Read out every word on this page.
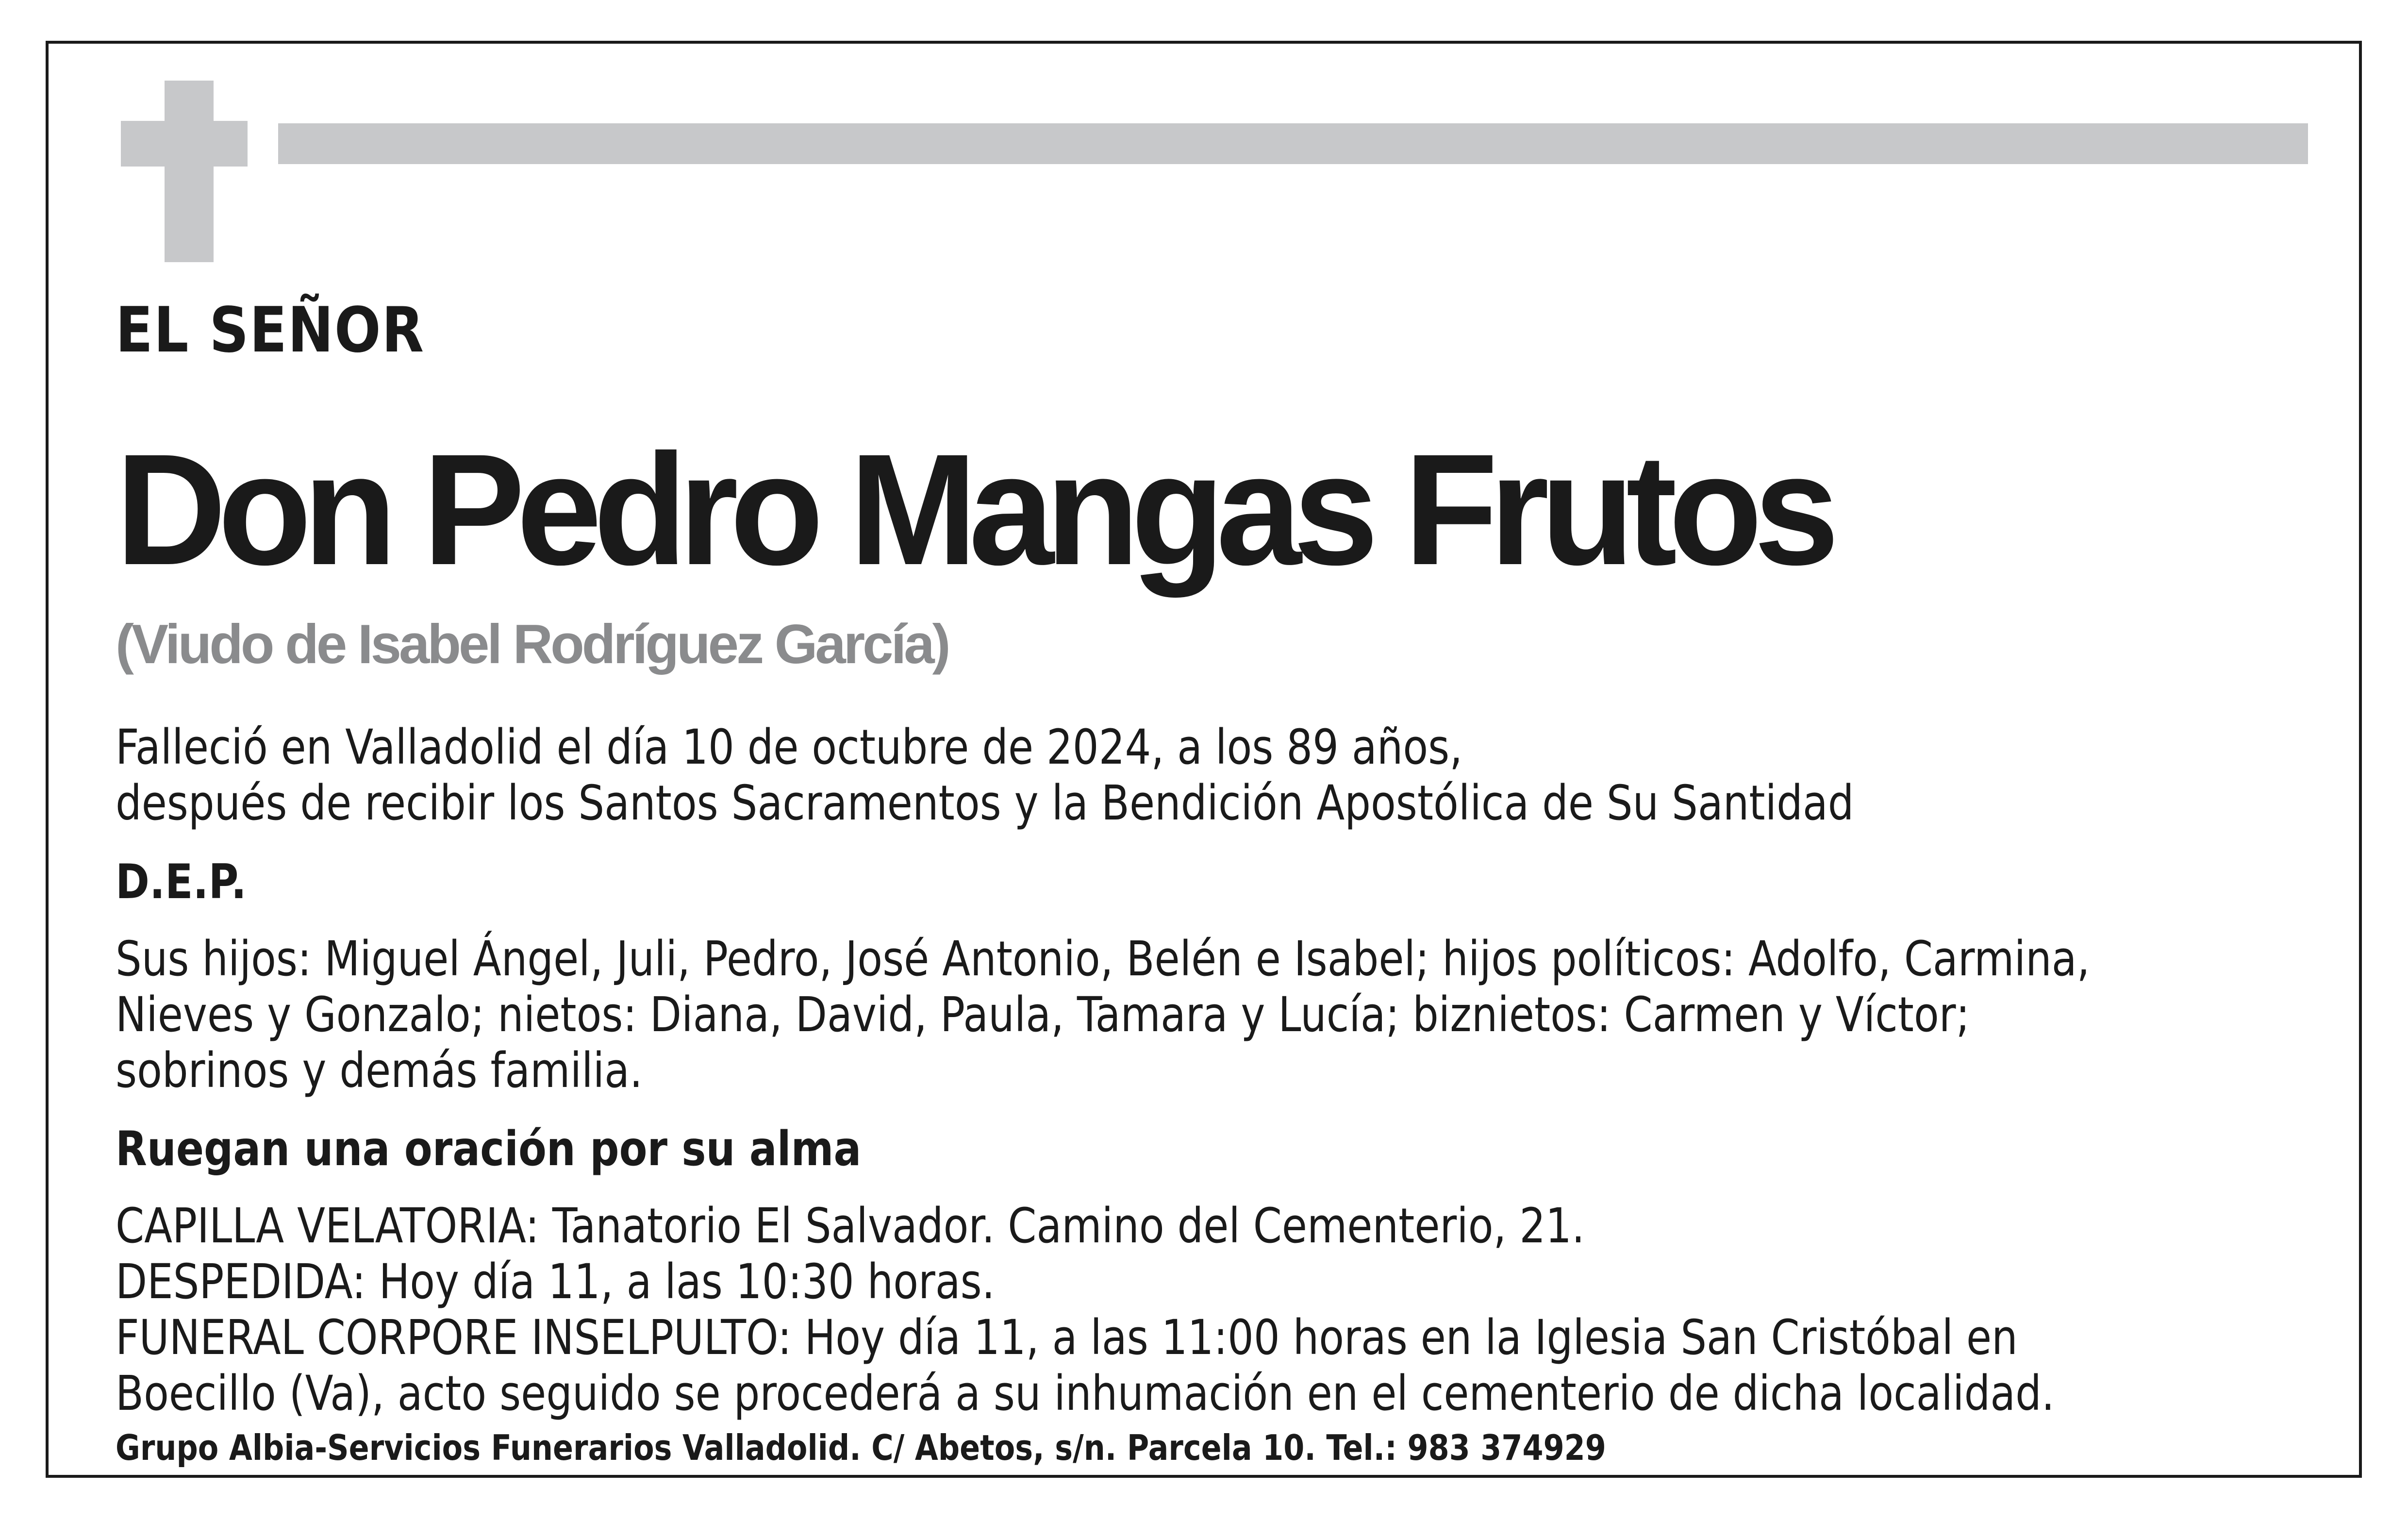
EL SEÑOR

Don Pedro Mangas Frutos

(Viudo de Isabel Rodríguez García)

Falleció en Valladolid el día 10 de octubre de 2024, a los 89 años,

después de recibir los Santos Sacramentos y la Bendición Apostólica de Su Santidad

D.E.P.

Sus hijos: Miguel Ángel, Juli, Pedro, José Antonio, Belén e Isabel; hijos políticos: Adolfo, Carmina,

Nieves y Gonzalo; nietos: Diana, David, Paula, Tamara y Lucía; biznietos: Carmen y Víctor;

sobrinos y demás familia.

Ruegan una oración por su alma

CAPILLA VELATORIA: Tanatorio El Salvador. Camino del Cementerio, 21.

DESPEDIDA: Hoy día 11, a las 10:30 horas.

FUNERAL CORPORE INSELPULTO: Hoy día 11, a las 11:00 horas en la Iglesia San Cristóbal en

Boecillo (Va), acto seguido se procederá a su inhumación en el cementerio de dicha localidad.

Grupo Albia-Servicios Funerarios Valladolid. C/ Abetos, s/n. Parcela 10. Tel.: 983 374929
